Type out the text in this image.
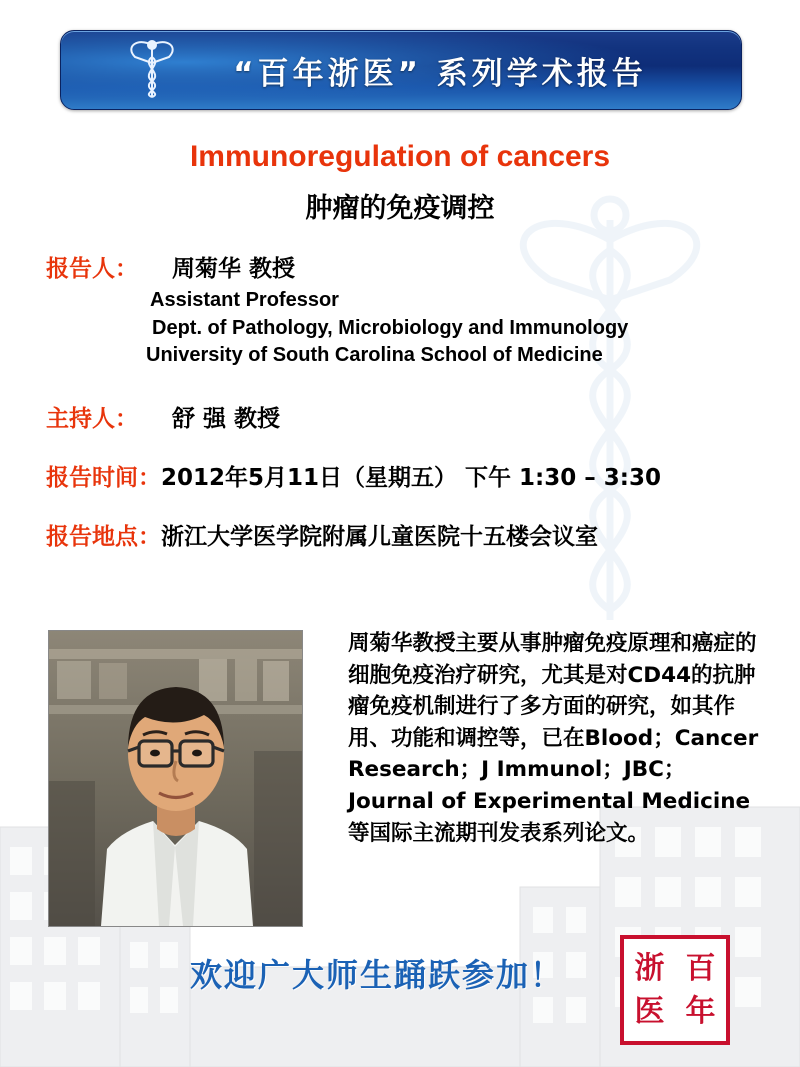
“百年浙医” 系列学术报告
Immunoregulation of cancers
肿瘤的免疫调控
报告人：	周菊华 教授
Assistant Professor
Dept. of Pathology, Microbiology and Immunology
University of South Carolina School of Medicine
主持人：	舒 强 教授
报告时间： 2012年5月11日（星期五） 下午 1:30 – 3:30
报告地点： 浙江大学医学院附属儿童医院十五楼会议室
周菊华教授主要从事肿瘤免疫原理和癌症的细胞免疫治疗研究，尤其是对CD44的抗肿瘤免疫机制进行了多方面的研究，如其作用、功能和调控等，已在Blood；Cancer Research；J Immunol；JBC；Journal of Experimental Medicine等国际主流期刊发表系列论文。
欢迎广大师生踊跃参加！	浙 百
医 年
